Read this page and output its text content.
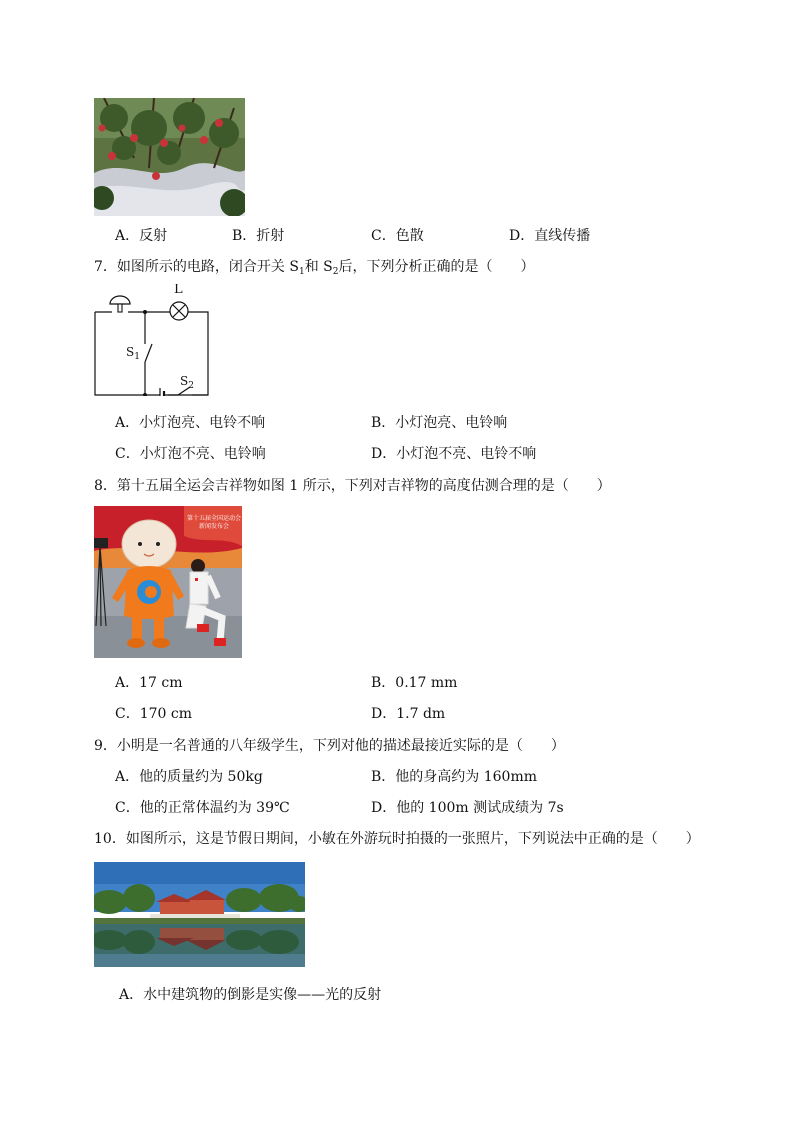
A．反射	B．折射	C．色散	D．直线传播
7．如图所示的电路，闭合开关 $S_1$和 $S_2$后，下列分析正确的是（　　）
L
$S_1$
$S_2$
A．小灯泡亮、电铃不响	B．小灯泡亮、电铃响
C．小灯泡不亮、电铃响	D．小灯泡不亮、电铃不响
8．第十五届全运会吉祥物如图 1 所示，下列对吉祥物的高度估测合理的是（　　）
第十五届全国运动会
新闻发布会
A．17 cm	B．0.17 mm
C．170 cm	D．1.7 dm
9．小明是一名普通的八年级学生，下列对他的描述最接近实际的是（　　）
A．他的质量约为 50kg	B．他的身高约为 160mm
C．他的正常体温约为 39℃	D．他的 100m 测试成绩为 7s
10．如图所示，这是节假日期间，小敏在外游玩时拍摄的一张照片，下列说法中正确的是（　　）
A．水中建筑物的倒影是实像——光的反射
